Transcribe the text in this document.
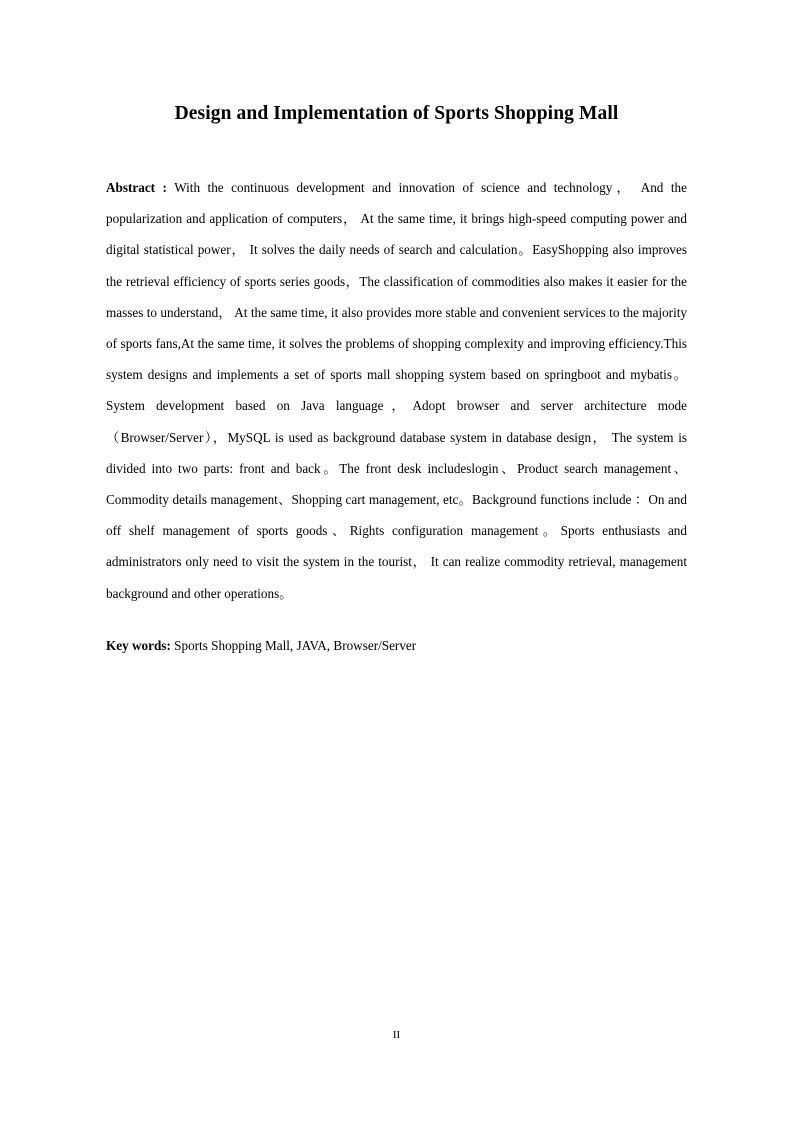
Design and Implementation of Sports Shopping Mall

Abstract : With the continuous development and innovation of science and technology， And the popularization and application of computers， At the same time, it brings high-speed computing power and digital statistical power， It solves the daily needs of search and calculation。EasyShopping also improves the retrieval efficiency of sports series goods，The classification of commodities also makes it easier for the masses to understand， At the same time, it also provides more stable and convenient services to the majority of sports fans,At the same time, it solves the problems of shopping complexity and improving efficiency.This system designs and implements a set of sports mall shopping system based on springboot and mybatis。System development based on Java language，Adopt browser and server architecture mode（Browser/Server），MySQL is used as background database system in database design， The system is divided into two parts: front and back。The front desk includeslogin、Product search management、Commodity details management、Shopping cart management, etc。Background functions include ：On and off shelf management of sports goods、Rights configuration management。Sports enthusiasts and administrators only need to visit the system in the tourist， It can realize commodity retrieval, management background and other operations。

Key words: Sports Shopping Mall, JAVA, Browser/Server

II
